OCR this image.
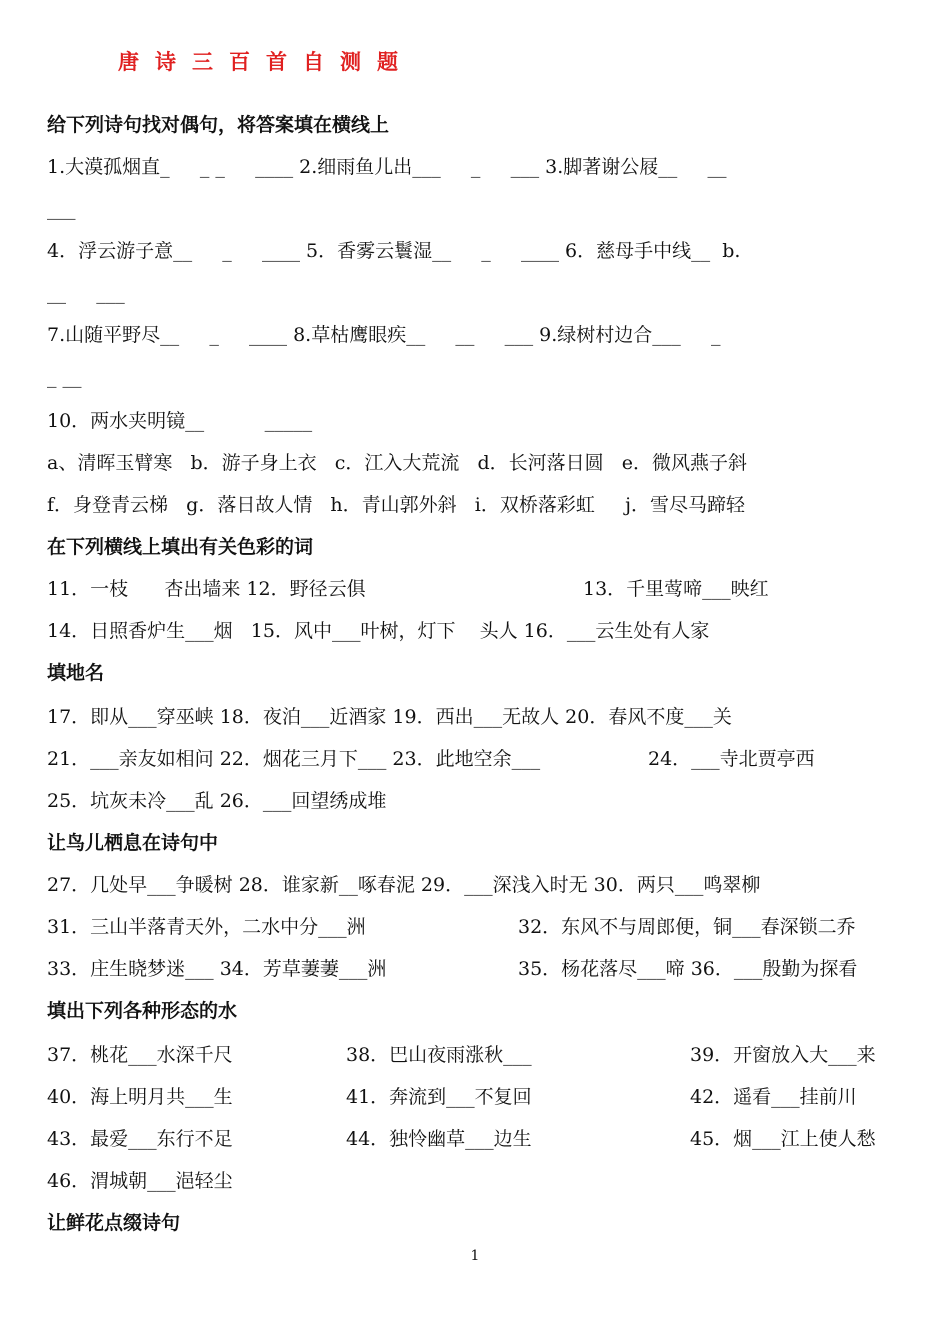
唐诗三百首自测题
给下列诗句找对偶句，将答案填在横线上
1.大漠孤烟直_     _ _     ____ 2.细雨鱼儿出___     _     ___ 3.脚著谢公屐__     __
___
4．浮云游子意__     _     ____ 5．香雾云鬟湿__     _     ____ 6．慈母手中线__  b.
__     ___
7.山随平野尽__     _     ____ 8.草枯鹰眼疾__     __     ___ 9.绿树村边合___     _
_ __
10．两水夹明镜__          _____
a、清晖玉臂寒   b．游子身上衣   c．江入大荒流   d．长河落日圆   e．微风燕子斜
f．身登青云梯   g．落日故人情   h．青山郭外斜   i．双桥落彩虹     j．雪尽马蹄轻
在下列横线上填出有关色彩的词

11．一枝      杏出墙来 12．野径云俱

	13．千里莺啼___映红

14．日照香炉生___烟   15．风中___叶树，灯下    头人 16．___云生处有人家
填地名
17．即从___穿巫峡 18．夜泊___近酒家 19．西出___无故人 20．春风不度___关

21．___亲友如相问 22．烟花三月下___ 23．此地空余___

	24．___寺北贾亭西

25．坑灰未冷___乱 26．___回望绣成堆
让鸟儿栖息在诗句中
27．几处早___争暖树 28．谁家新__啄春泥 29．___深浅入时无 30．两只___鸣翠柳

31．三山半落青天外，二水中分___洲

	32．东风不与周郎便，铜___春深锁二乔

33．庄生晓梦迷___ 34．芳草萋萋___洲

	35．杨花落尽___啼 36．___殷勤为探看

填出下列各种形态的水

37．桃花___水深千尺

	38．巴山夜雨涨秋___

	39．开窗放入大___来

40．海上明月共___生

	41．奔流到___不复回

	42．遥看___挂前川

43．最爱___东行不足

	44．独怜幽草___边生

	45．烟___江上使人愁

46．渭城朝___浥轻尘
让鲜花点缀诗句
1
